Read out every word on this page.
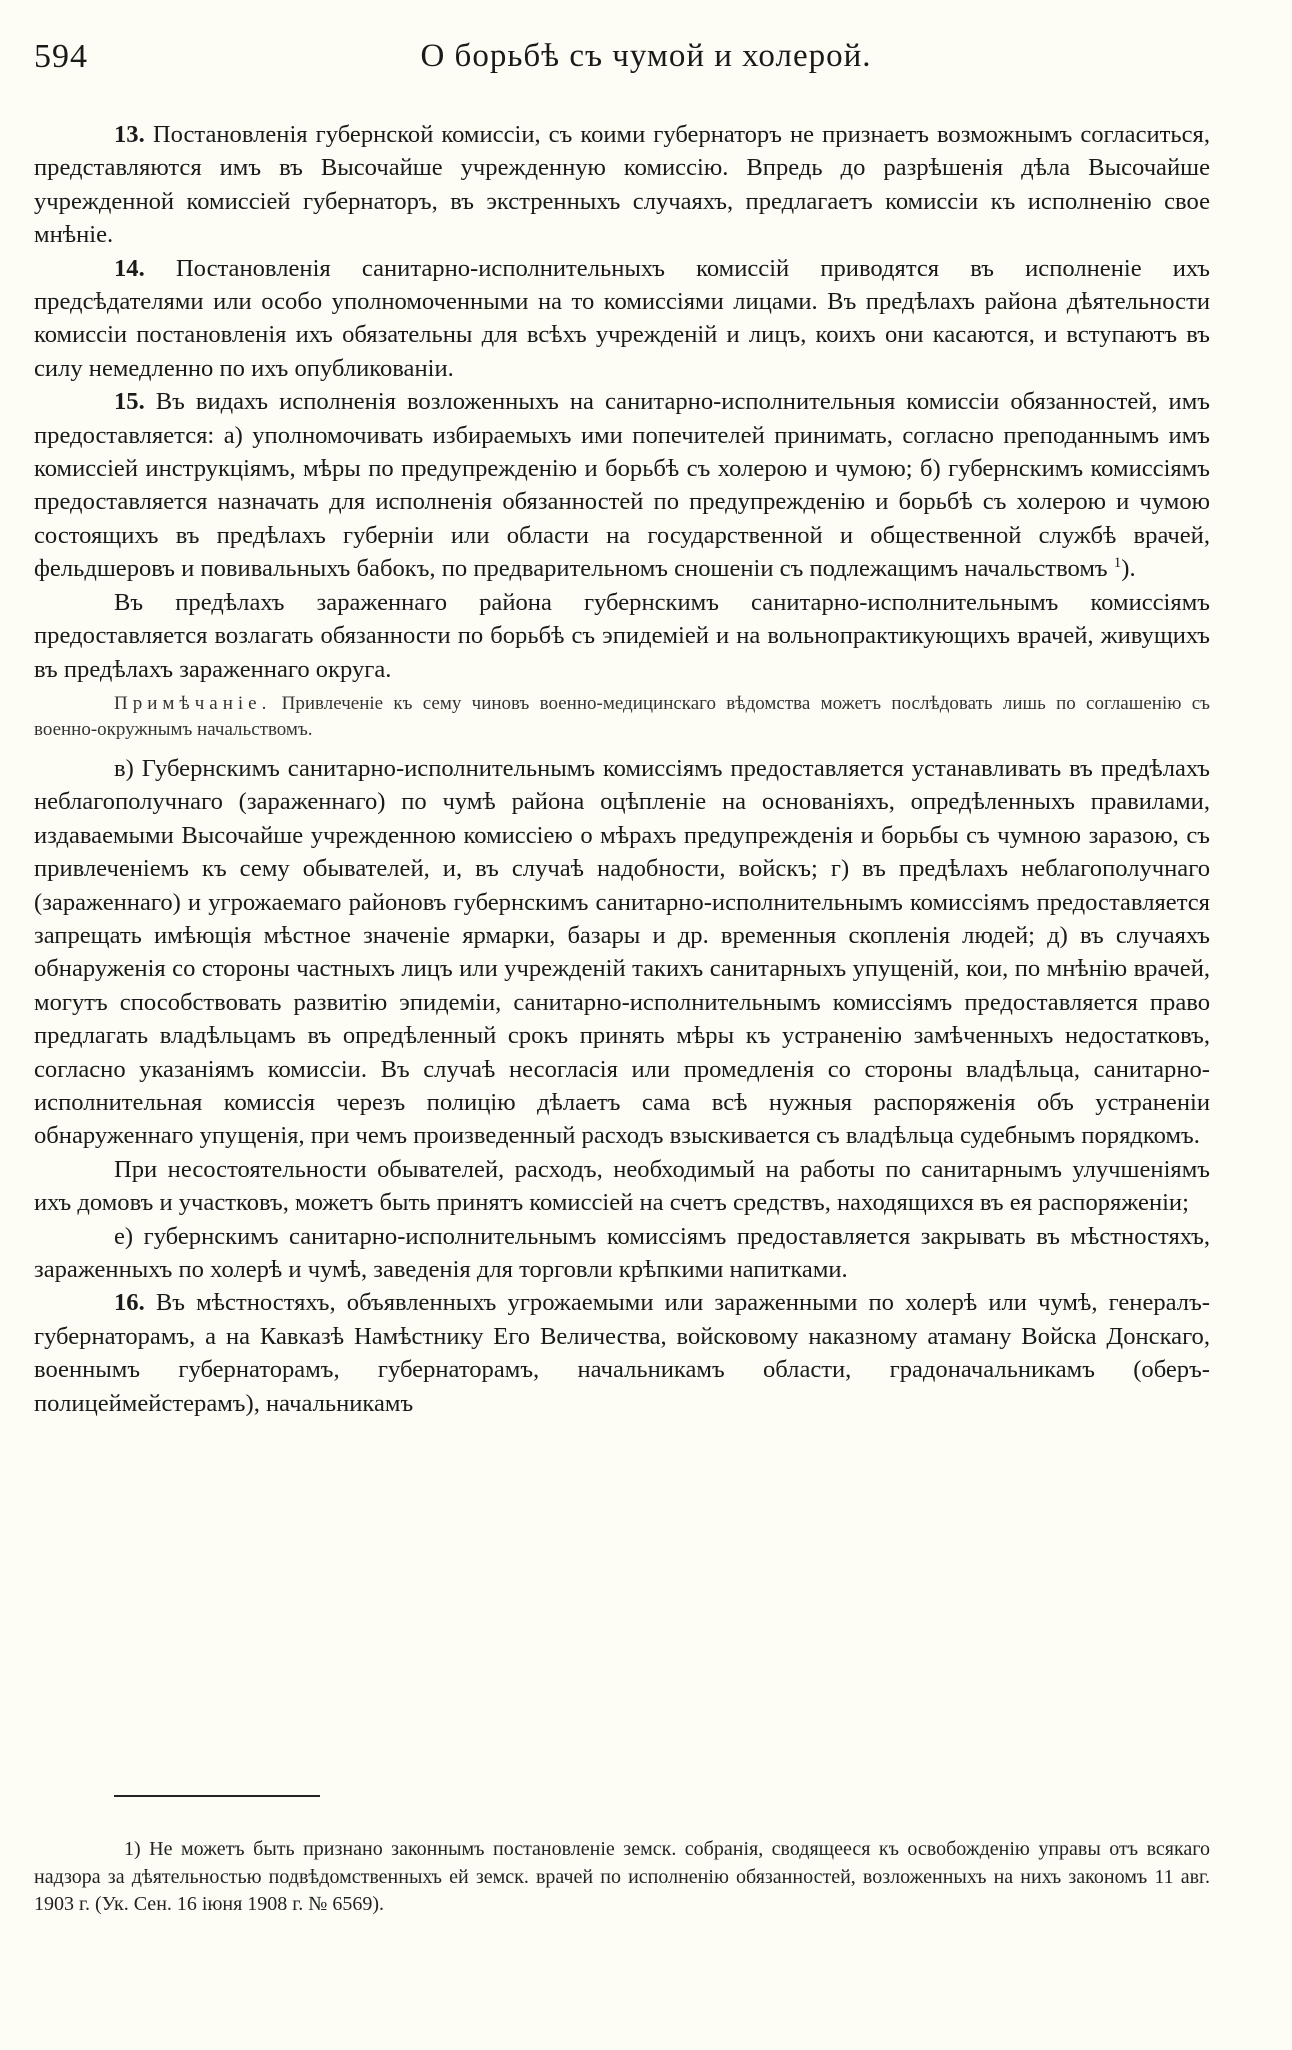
594	О борьбѣ съ чумой и холерой.

13. Постановленія губернской комиссіи, съ коими губернаторъ не признаетъ возможнымъ согласиться, представляются имъ въ Высочайше учрежденную комиссію. Впредь до разрѣшенія дѣла Высочайше учрежденной комиссіей губернаторъ, въ экстренныхъ случаяхъ, предлагаетъ комиссіи къ исполненію свое мнѣніе.

14. Постановленія санитарно-исполнительныхъ комиссій приводятся въ исполненіе ихъ предсѣдателями или особо уполномоченными на то комиссіями лицами. Въ предѣлахъ района дѣятельности комиссіи постановленія ихъ обязательны для всѣхъ учрежденій и лицъ, коихъ они касаются, и вступаютъ въ силу немедленно по ихъ опубликованіи.

15. Въ видахъ исполненія возложенныхъ на санитарно-исполнительныя комиссіи обязанностей, имъ предоставляется: а) уполномочивать избираемыхъ ими попечителей принимать, согласно преподаннымъ имъ комиссіей инструкціямъ, мѣры по предупрежденію и борьбѣ съ холерою и чумою; б) губернскимъ комиссіямъ предоставляется назначать для исполненія обязанностей по предупрежденію и борьбѣ съ холерою и чумою состоящихъ въ предѣлахъ губерніи или области на государственной и общественной службѣ врачей, фельдшеровъ и повивальныхъ бабокъ, по предварительномъ сношеніи съ подлежащимъ начальствомъ $^1$).

Въ предѣлахъ зараженнаго района губернскимъ санитарно-исполнительнымъ комиссіямъ предоставляется возлагать обязанности по борьбѣ съ эпидеміей и на вольнопрактикующихъ врачей, живущихъ въ предѣлахъ зараженнаго округа.

Примѣчаніе. Привлеченіе къ сему чиновъ военно-медицинскаго вѣдомства можетъ послѣдовать лишь по соглашенію съ военно-окружнымъ начальствомъ.

в) Губернскимъ санитарно-исполнительнымъ комиссіямъ предоставляется устанавливать въ предѣлахъ неблагополучнаго (зараженнаго) по чумѣ района оцѣпленіе на основаніяхъ, опредѣленныхъ правилами, издаваемыми Высочайше учрежденною комиссіею о мѣрахъ предупрежденія и борьбы съ чумною заразою, съ привлеченіемъ къ сему обывателей, и, въ случаѣ надобности, войскъ; г) въ предѣлахъ неблагополучнаго (зараженнаго) и угрожаемаго районовъ губернскимъ санитарно-исполнительнымъ комиссіямъ предоставляется запрещать имѣющія мѣстное значеніе ярмарки, базары и др. временныя скопленія людей; д) въ случаяхъ обнаруженія со стороны частныхъ лицъ или учрежденій такихъ санитарныхъ упущеній, кои, по мнѣнію врачей, могутъ способствовать развитію эпидеміи, санитарно-исполнительнымъ комиссіямъ предоставляется право предлагать владѣльцамъ въ опредѣленный срокъ принять мѣры къ устраненію замѣченныхъ недостатковъ, согласно указаніямъ комиссіи. Въ случаѣ несогласія или промедленія со стороны владѣльца, санитарно-исполнительная комиссія черезъ полицію дѣлаетъ сама всѣ нужныя распоряженія объ устраненіи обнаруженнаго упущенія, при чемъ произведенный расходъ взыскивается съ владѣльца судебнымъ порядкомъ.

При несостоятельности обывателей, расходъ, необходимый на работы по санитарнымъ улучшеніямъ ихъ домовъ и участковъ, можетъ быть принятъ комиссіей на счетъ средствъ, находящихся въ ея распоряженіи;

е) губернскимъ санитарно-исполнительнымъ комиссіямъ предоставляется закрывать въ мѣстностяхъ, зараженныхъ по холерѣ и чумѣ, заведенія для торговли крѣпкими напитками.

16. Въ мѣстностяхъ, объявленныхъ угрожаемыми или зараженными по холерѣ или чумѣ, генералъ-губернаторамъ, а на Кавказѣ Намѣстнику Его Величества, войсковому наказному атаману Войска Донскаго, военнымъ губернаторамъ, губернаторамъ, начальникамъ области, градоначальникамъ (оберъ-полицеймейстерамъ), начальникамъ

1) Не можетъ быть признано законнымъ постановленіе земск. собранія, сводящееся къ освобожденію управы отъ всякаго надзора за дѣятельностью подвѣдомственныхъ ей земск. врачей по исполненію обязанностей, возложенныхъ на нихъ закономъ 11 авг. 1903 г. (Ук. Сен. 16 іюня 1908 г. № 6569).
